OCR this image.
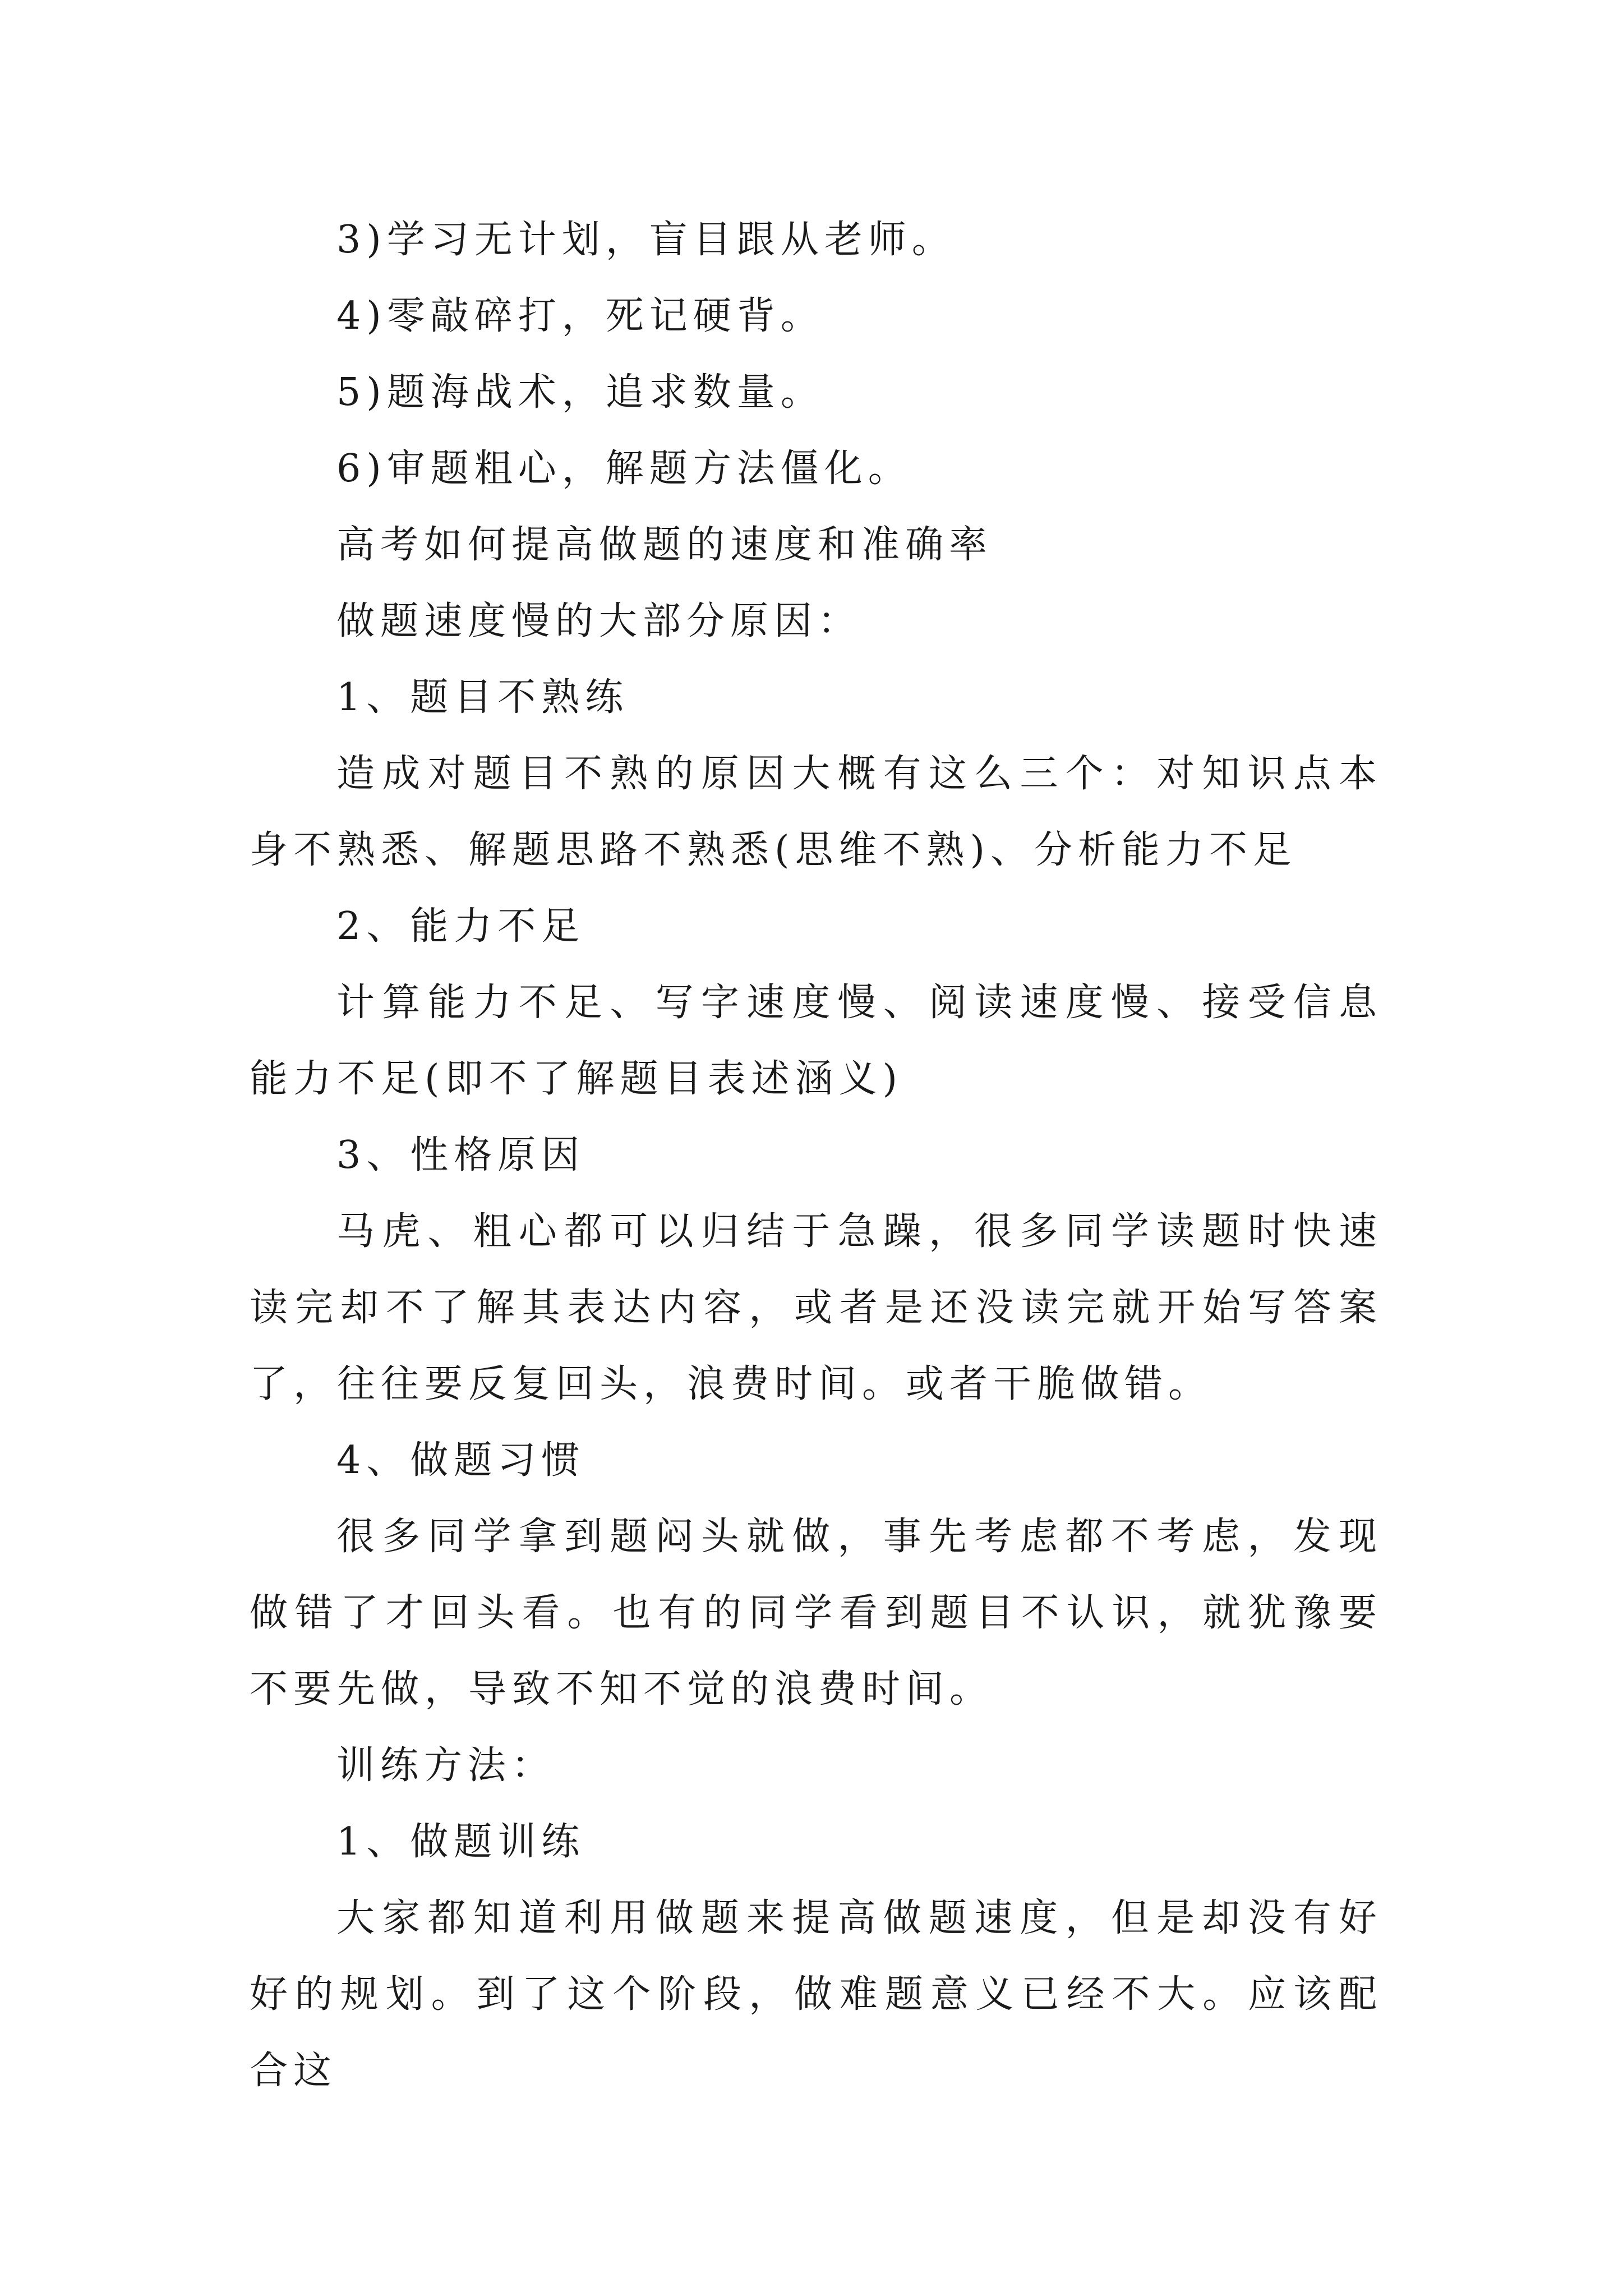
3)学习无计划，盲目跟从老师。

4)零敲碎打，死记硬背。

5)题海战术，追求数量。

6)审题粗心，解题方法僵化。

高考如何提高做题的速度和准确率

做题速度慢的大部分原因：

1、题目不熟练

造成对题目不熟的原因大概有这么三个：对知识点本身不熟悉、解题思路不熟悉(思维不熟)、分析能力不足

2、能力不足

计算能力不足、写字速度慢、阅读速度慢、接受信息能力不足(即不了解题目表述涵义)

3、性格原因

马虎、粗心都可以归结于急躁，很多同学读题时快速读完却不了解其表达内容，或者是还没读完就开始写答案了，往往要反复回头，浪费时间。或者干脆做错。

4、做题习惯

很多同学拿到题闷头就做，事先考虑都不考虑，发现做错了才回头看。也有的同学看到题目不认识，就犹豫要不要先做，导致不知不觉的浪费时间。

训练方法：

1、做题训练

大家都知道利用做题来提高做题速度，但是却没有好好的规划。到了这个阶段，做难题意义已经不大。应该配合这
